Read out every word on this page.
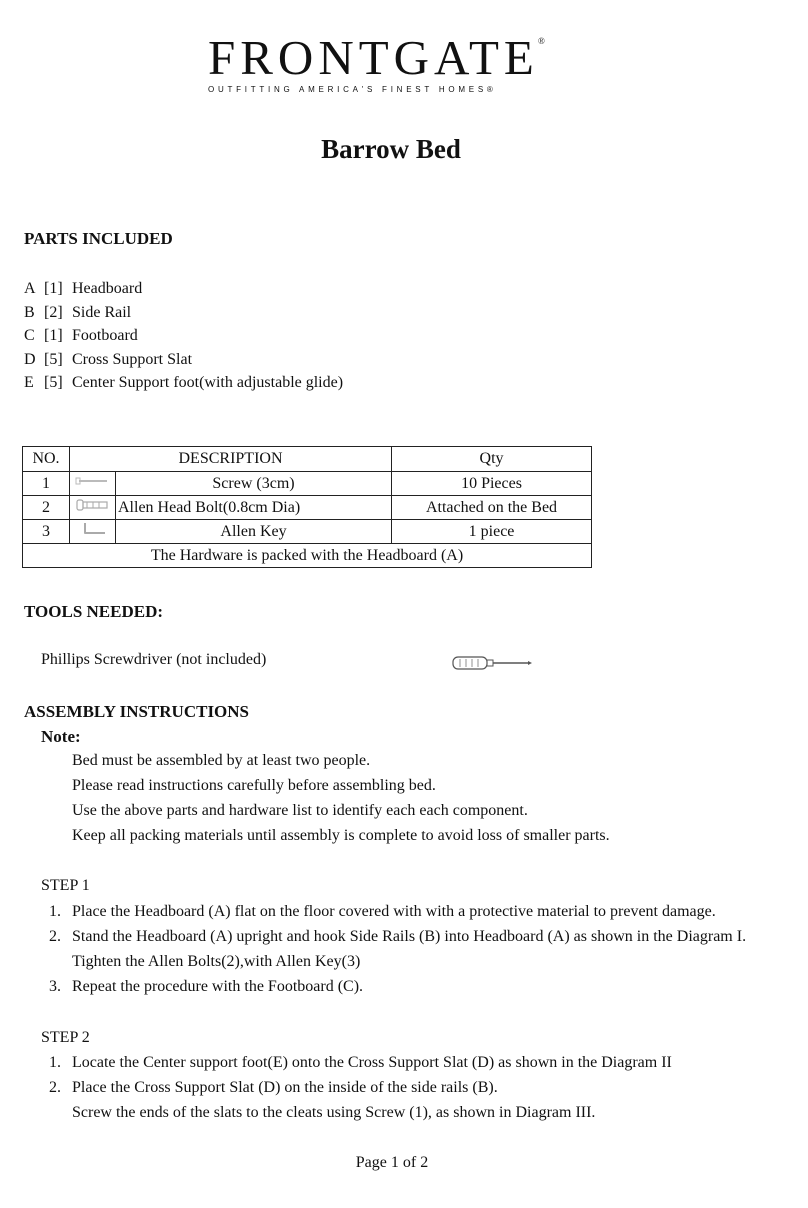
FRONTGATE ®
OUTFITTING AMERICA'S FINEST HOMES®
Barrow Bed
PARTS INCLUDED
A [1] Headboard
B [2] Side Rail
C [1] Footboard
D [5] Cross Support Slat
E [5] Center Support foot(with adjustable glide)
NO.	DESCRIPTION		Qty
1		Screw (3cm)	10 Pieces
2		Allen Head Bolt(0.8cm Dia)	Attached on the Bed
3		Allen Key	1 piece
The Hardware is packed with the Headboard (A)			
TOOLS NEEDED:
Phillips Screwdriver (not included)
ASSEMBLY INSTRUCTIONS
Note:
Bed must be assembled by at least two people.
Please read instructions carefully before assembling bed.
Use the above parts and hardware list to identify each each component.
Keep all packing materials until assembly is complete to avoid loss of smaller parts.
STEP 1
1. Place the Headboard (A) flat on the floor covered with with a protective material to prevent damage.
2. Stand the Headboard (A) upright and hook Side Rails (B) into Headboard (A) as shown in the Diagram I.
Tighten the Allen Bolts(2),with Allen Key(3)
3. Repeat the procedure with the Footboard (C).
STEP 2
1. Locate the Center support foot(E) onto the Cross Support Slat (D) as shown in the Diagram II
2. Place the Cross Support Slat (D) on the inside of the side rails (B).
Screw the ends of the slats to the cleats using Screw (1), as shown in Diagram III.
Page 1 of 2
